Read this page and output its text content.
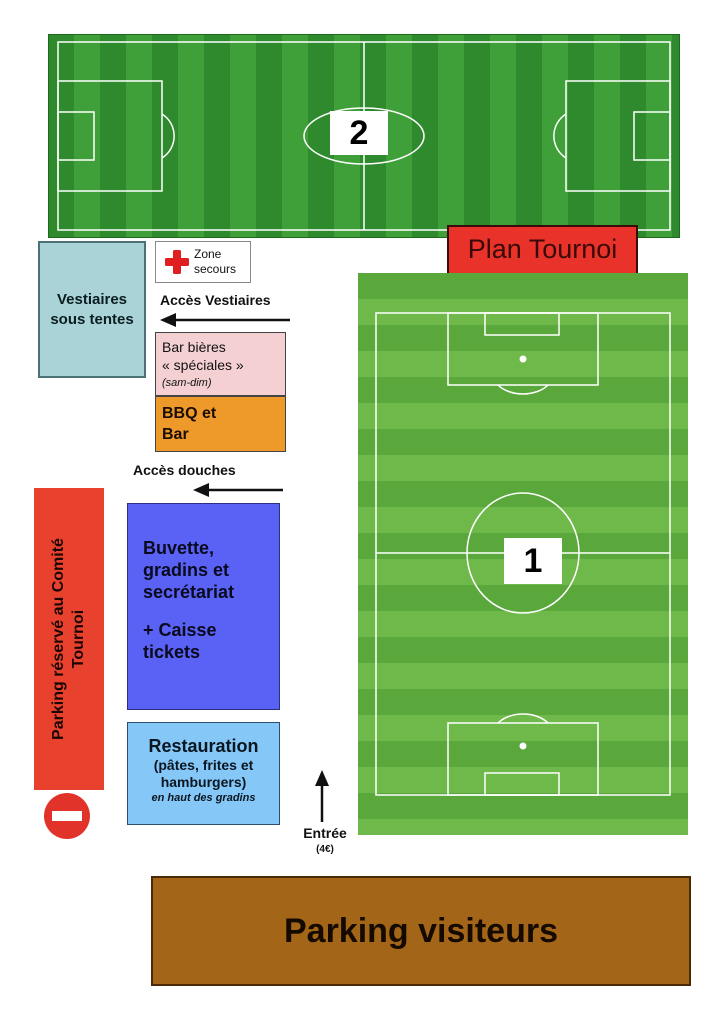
2
Plan Tournoi
1
Vestiaires
sous tentes
Zone
secours
Accès Vestiaires
Bar bières
« spéciales »
(sam-dim)
BBQ et
Bar
Accès douches
Parking réservé au Comité Tournoi
Buvette,
gradins et
secrétariat
+ Caisse
tickets
Restauration
(pâtes, frites et
hamburgers)
en haut des gradins
Entrée
(4€)
Parking visiteurs
